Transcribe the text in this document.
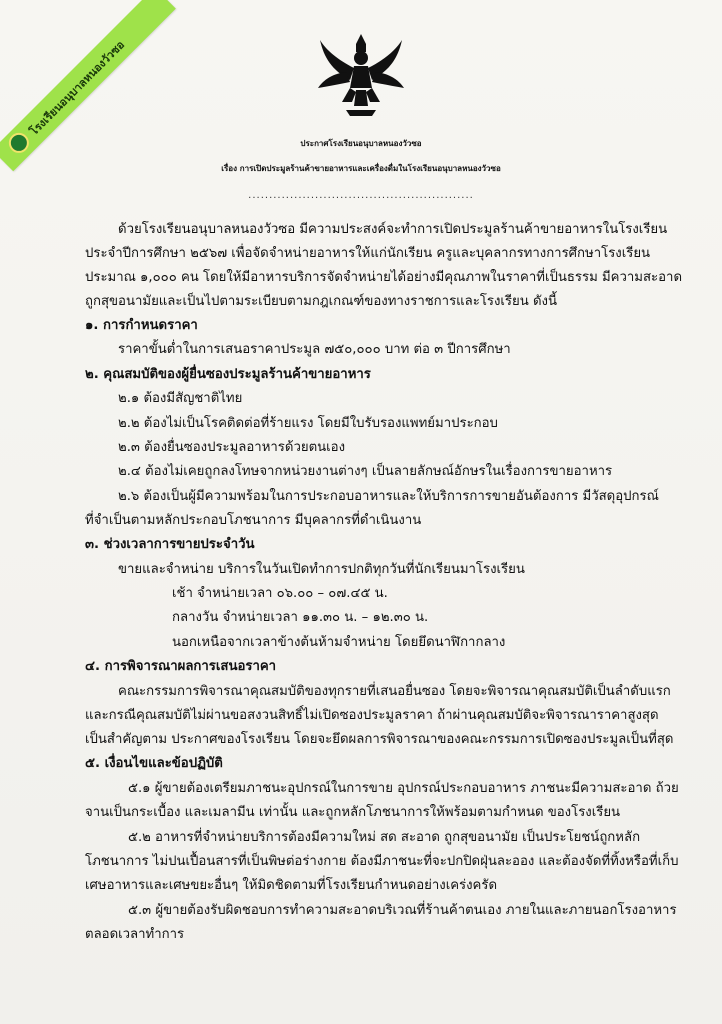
โรงเรียนอนุบาลหนองวัวซอ
ประกาศโรงเรียนอนุบาลหนองวัวซอ
เรื่อง การเปิดประมูลร้านค้าขายอาหารและเครื่องดื่มในโรงเรียนอนุบาลหนองวัวซอ
......................................................
ด้วยโรงเรียนอนุบาลหนองวัวซอ มีความประสงค์จะทำการเปิดประมูลร้านค้าขายอาหารในโรงเรียน
ประจำปีการศึกษา ๒๕๖๗ เพื่อจัดจำหน่ายอาหารให้แก่นักเรียน ครูและบุคลากรทางการศึกษาโรงเรียน
ประมาณ ๑,๐๐๐ คน โดยให้มีอาหารบริการจัดจำหน่ายได้อย่างมีคุณภาพในราคาที่เป็นธรรม มีความสะอาด
ถูกสุขอนามัยและเป็นไปตามระเบียบตามกฎเกณฑ์ของทางราชการและโรงเรียน ดังนี้
๑. การกำหนดราคา
ราคาขั้นต่ำในการเสนอราคาประมูล ๗๕๐,๐๐๐ บาท ต่อ ๓ ปีการศึกษา
๒. คุณสมบัติของผู้ยื่นซองประมูลร้านค้าขายอาหาร
๒.๑ ต้องมีสัญชาติไทย
๒.๒ ต้องไม่เป็นโรคติดต่อที่ร้ายแรง โดยมีใบรับรองแพทย์มาประกอบ
๒.๓ ต้องยื่นซองประมูลอาหารด้วยตนเอง
๒.๔ ต้องไม่เคยถูกลงโทษจากหน่วยงานต่างๆ เป็นลายลักษณ์อักษรในเรื่องการขายอาหาร
๒.๖ ต้องเป็นผู้มีความพร้อมในการประกอบอาหารและให้บริการการขายอันต้องการ มีวัสดุอุปกรณ์
ที่จำเป็นตามหลักประกอบโภชนาการ มีบุคลากรที่ดำเนินงาน
๓. ช่วงเวลาการขายประจำวัน
ขายและจำหน่าย บริการในวันเปิดทำการปกติทุกวันที่นักเรียนมาโรงเรียน
เช้า จำหน่ายเวลา ๐๖.๐๐ – ๐๗.๔๕ น.
กลางวัน จำหน่ายเวลา ๑๑.๓๐ น. – ๑๒.๓๐ น.
นอกเหนือจากเวลาข้างต้นห้ามจำหน่าย โดยยึดนาฬิกากลาง
๔. การพิจารณาผลการเสนอราคา
คณะกรรมการพิจารณาคุณสมบัติของทุกรายที่เสนอยื่นซอง โดยจะพิจารณาคุณสมบัติเป็นลำดับแรก
และกรณีคุณสมบัติไม่ผ่านขอสงวนสิทธิ์ไม่เปิดซองประมูลราคา ถ้าผ่านคุณสมบัติจะพิจารณาราคาสูงสุด
เป็นสำคัญตาม ประกาศของโรงเรียน โดยจะยึดผลการพิจารณาของคณะกรรมการเปิดซองประมูลเป็นที่สุด
๕. เงื่อนไขและข้อปฏิบัติ
๕.๑ ผู้ขายต้องเตรียมภาชนะอุปกรณ์ในการขาย อุปกรณ์ประกอบอาหาร ภาชนะมีความสะอาด ถ้วย
จานเป็นกระเบื้อง และเมลามีน เท่านั้น และถูกหลักโภชนาการให้พร้อมตามกำหนด ของโรงเรียน
๕.๒ อาหารที่จำหน่ายบริการต้องมีความใหม่ สด สะอาด ถูกสุขอนามัย เป็นประโยชน์ถูกหลัก
โภชนาการ ไม่ปนเปื้อนสารที่เป็นพิษต่อร่างกาย ต้องมีภาชนะที่จะปกปิดฝุ่นละออง และต้องจัดที่ทิ้งหรือที่เก็บ
เศษอาหารและเศษขยะอื่นๆ ให้มิดชิดตามที่โรงเรียนกำหนดอย่างเคร่งครัด
๕.๓ ผู้ขายต้องรับผิดชอบการทำความสะอาดบริเวณที่ร้านค้าตนเอง ภายในและภายนอกโรงอาหาร
ตลอดเวลาทำการ
